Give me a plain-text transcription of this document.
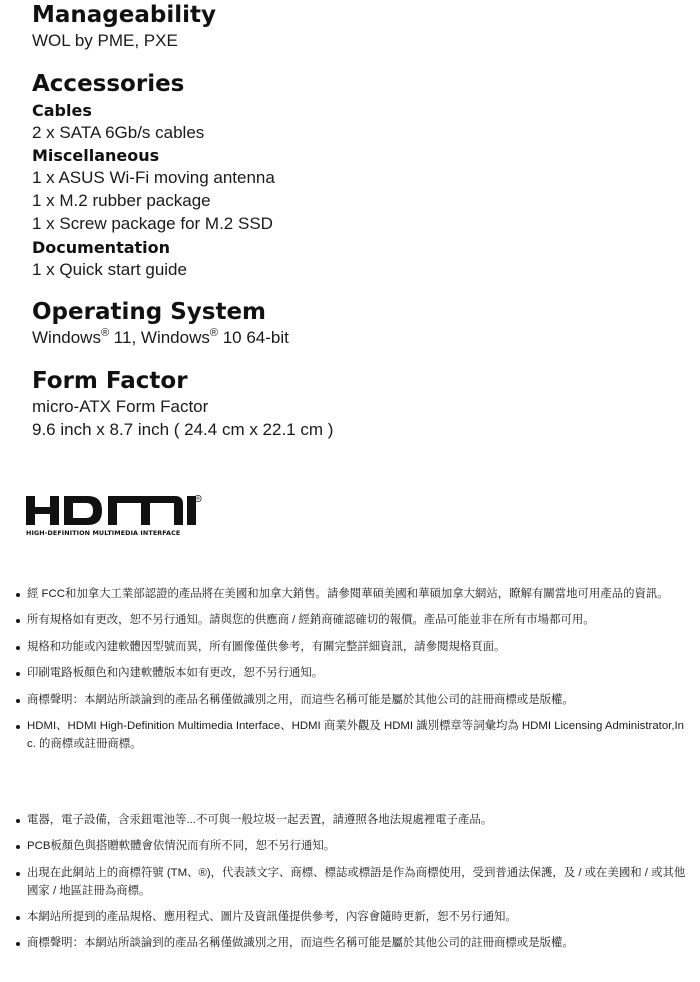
Manageability
WOL by PME, PXE
Accessories
Cables
2 x SATA 6Gb/s cables
Miscellaneous
1 x ASUS Wi-Fi moving antenna
1 x M.2 rubber package
1 x Screw package for M.2 SSD
Documentation
1 x Quick start guide
Operating System
Windows® 11, Windows® 10 64-bit
Form Factor
micro-ATX Form Factor
9.6 inch x 8.7 inch ( 24.4 cm x 22.1 cm )
®
HIGH-DEFINITION MULTIMEDIA INTERFACE
經 FCC和加拿大工業部認證的產品將在美國和加拿大銷售。請參閱華碩美國和華碩加拿大網站，瞭解有關當地可用產品的資訊。
所有規格如有更改，恕不另行通知。請與您的供應商 / 經銷商確認確切的報價。產品可能並非在所有市場都可用。
規格和功能或內建軟體因型號而異，所有圖像僅供參考，有關完整詳細資訊，請參閱規格頁面。
印刷電路板顏色和內建軟體版本如有更改，恕不另行通知。
商標聲明：本網站所談論到的產品名稱僅做識別之用，而這些名稱可能是屬於其他公司的註冊商標或是版權。
HDMI、HDMI High-Definition Multimedia Interface、HDMI 商業外觀及 HDMI 識別標章等詞彙均為 HDMI Licensing Administrator,Inc. 的商標或註冊商標。
電器，電子設備，含汞鈕電池等...不可與一般垃圾一起丟置，請遵照各地法規處裡電子產品。
PCB板顏色與搭贈軟體會依情況而有所不同，恕不另行通知。
出現在此網站上的商標符號 (TM、®)，代表該文字、商標、標誌或標語是作為商標使用，受到普通法保護，及 / 或在美國和 / 或其他國家 / 地區註冊為商標。
本網站所提到的產品規格、應用程式、圖片及資訊僅提供參考，內容會隨時更新，恕不另行通知。
商標聲明：本網站所談論到的產品名稱僅做識別之用，而這些名稱可能是屬於其他公司的註冊商標或是版權。
